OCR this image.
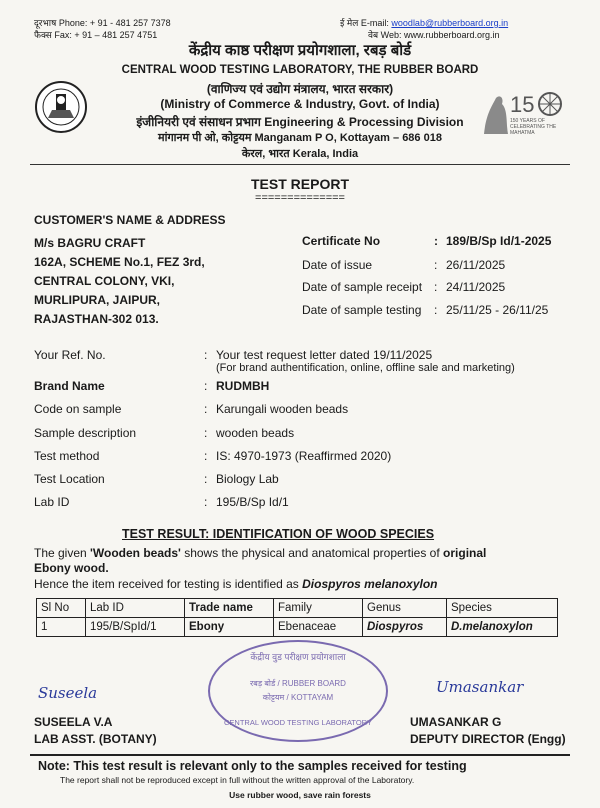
दूरभाष Phone: + 91 - 481 257 7378
फैक्स Fax: + 91 – 481 257 4751
ई मेल E-mail: woodlab@rubberboard.org.in
वेब Web: www.rubberboard.org.in
केंद्रीय काष्ठ परीक्षण प्रयोगशाला, रबड़ बोर्ड
CENTRAL WOOD TESTING LABORATORY, THE RUBBER BOARD
(वाणिज्य एवं उद्योग मंत्रालय, भारत सरकार)
(Ministry of Commerce & Industry, Govt. of India)
इंजीनियरी एवं संसाधन प्रभाग Engineering & Processing Division
मांगानम पी ओ, कोट्टयम Manganam P O, Kottayam – 686 018
केरल, भारत Kerala, India
15
150 YEARS OF CELEBRATING THE MAHATMA
TEST REPORT
==============
CUSTOMER'S NAME & ADDRESS
M/s BAGRU CRAFT
162A, SCHEME No.1, FEZ 3rd,
CENTRAL COLONY, VKI,
MURLIPURA, JAIPUR,
RAJASTHAN-302 013.
Certificate No	: 189/B/Sp Id/1-2025
Date of issue	: 26/11/2025
Date of sample receipt : 24/11/2025
Date of sample testing : 25/11/25 - 26/11/25
Your Ref. No.	: Your test request letter dated 19/11/2025
(For brand authentification, online, offline sale and marketing)
Brand Name	: RUDMBH
Code on sample	: Karungali wooden beads
Sample description	: wooden beads
Test method	: IS: 4970-1973 (Reaffirmed 2020)
Test Location	: Biology Lab
Lab ID	: 195/B/Sp Id/1
TEST RESULT: IDENTIFICATION OF WOOD SPECIES
The given 'Wooden beads' shows the physical and anatomical properties of original
Ebony wood.
Hence the item received for testing is identified as Diospyros melanoxylon
Sl No	Lab ID	Trade name	Family	Genus	Species
1	195/B/SpId/1	Ebony	Ebenaceae	Diospyros	D.melanoxylon
केंद्रीय वुड परीक्षण प्रयोगशाला
रबड़ बोर्ड / RUBBER BOARD
कोट्टयम / KOTTAYAM
CENTRAL WOOD TESTING LABORATORY
Suseela
SUSEELA V.A
LAB ASST. (BOTANY)
Umasankar
UMASANKAR G
DEPUTY DIRECTOR (Engg)
Note: This test result is relevant only to the samples received for testing
The report shall not be reproduced except in full without the written approval of the Laboratory.
Use rubber wood, save rain forests
